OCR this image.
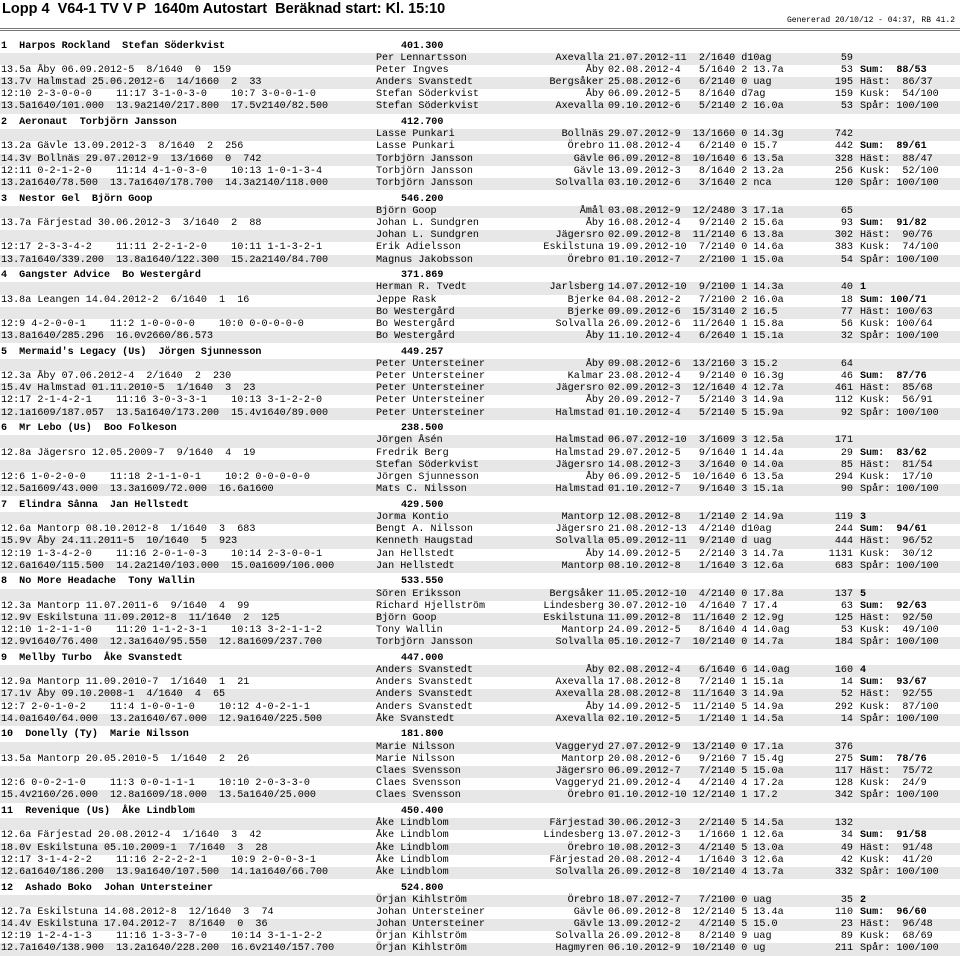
Lopp 4  V64-1 TV V P  1640m Autostart  Beräknad start: Kl. 15:10
Genererad 20/10/12 - 04:37, RB 41.2
1  Harpos Rockland  Stefan Söderkvist	401.300
Per Lennartsson	Axevalla 21.07.2012-11  2/1640 d10ag	59
13.5a Åby 06.09.2012-5  8/1640  0  159	Peter Ingves	Åby 02.08.2012-4   5/1640 2 13.7a	53 Sum:  88/53
13.7v Halmstad 25.06.2012-6  14/1660  2  33	Anders Svanstedt	Bergsåker 25.08.2012-6   6/2140 0 uag	195 Häst:  86/37
12:10 2-3-0-0-0    11:17 3-1-0-3-0    10:7 3-0-0-1-0	Stefan Söderkvist	Åby 06.09.2012-5   8/1640 d7ag	159 Kusk:  54/100
13.5a1640/101.000  13.9a2140/217.800  17.5v2140/82.500	Stefan Söderkvist	Axevalla 09.10.2012-6   5/2140 2 16.0a	53 Spår: 100/100
2  Aeronaut  Torbjörn Jansson	412.700
Lasse Punkari	Bollnäs 29.07.2012-9  13/1660 0 14.3g	742
13.2a Gävle 13.09.2012-3  8/1640  2  256	Lasse Punkari	Örebro 11.08.2012-4   6/2140 0 15.7	442 Sum:  89/61
14.3v Bollnäs 29.07.2012-9  13/1660  0  742	Torbjörn Jansson	Gävle 06.09.2012-8  10/1640 6 13.5a	328 Häst:  88/47
12:11 0-2-1-2-0    11:14 4-1-0-3-0    10:13 1-0-1-3-4	Torbjörn Jansson	Gävle 13.09.2012-3   8/1640 2 13.2a	256 Kusk:  52/100
13.2a1640/78.500  13.7a1640/178.700  14.3a2140/118.000	Torbjörn Jansson	Solvalla 03.10.2012-6   3/1640 2 nca	120 Spår: 100/100
3  Nestor Gel  Björn Goop	546.200
Björn Goop	Åmål 03.08.2012-9  12/2480 3 17.1a	65
13.7a Färjestad 30.06.2012-3  3/1640  2  88	Johan L. Sundgren	Åby 16.08.2012-4   9/2140 2 15.6a	93 Sum:  91/82
Johan L. Sundgren	Jägersro 02.09.2012-8  11/2140 6 13.8a	302 Häst:  90/76
12:17 2-3-3-4-2    11:11 2-2-1-2-0    10:11 1-1-3-2-1	Erik Adielsson	Eskilstuna 19.09.2012-10  7/2140 0 14.6a	383 Kusk:  74/100
13.7a1640/339.200  13.8a1640/122.300  15.2a2140/84.700	Magnus Jakobsson	Örebro 01.10.2012-7   2/2100 1 15.0a	54 Spår: 100/100
4  Gangster Advice  Bo Westergård	371.869
Herman R. Tvedt	Jarlsberg 14.07.2012-10  9/2100 1 14.3a	40 1
13.8a Leangen 14.04.2012-2  6/1640  1  16	Jeppe Rask	Bjerke 04.08.2012-2   7/2100 2 16.0a	18 Sum: 100/71
Bo Westergård	Bjerke 09.09.2012-6  15/3140 2 16.5	77 Häst: 100/63
12:9 4-2-0-0-1    11:2 1-0-0-0-0    10:0 0-0-0-0-0	Bo Westergård	Solvalla 26.09.2012-6  11/2640 1 15.8a	56 Kusk: 100/64
13.8a1640/285.296  16.0v2660/86.573	Bo Westergård	Åby 11.10.2012-4   6/2640 1 15.1a	32 Spår: 100/100
5  Mermaid's Legacy (Us)  Jörgen Sjunnesson	449.257
Peter Untersteiner	Åby 09.08.2012-6  13/2160 3 15.2	64
12.3a Åby 07.06.2012-4  2/1640  2  230	Peter Untersteiner	Kalmar 23.08.2012-4   9/2140 0 16.3g	46 Sum:  87/76
15.4v Halmstad 01.11.2010-5  1/1640  3  23	Peter Untersteiner	Jägersro 02.09.2012-3  12/1640 4 12.7a	461 Häst:  85/68
12:17 2-1-4-2-1    11:16 3-0-3-3-1    10:13 3-1-2-2-0	Peter Untersteiner	Åby 20.09.2012-7   5/2140 3 14.9a	112 Kusk:  56/91
12.1a1609/187.057  13.5a1640/173.200  15.4v1640/89.000	Peter Untersteiner	Halmstad 01.10.2012-4   5/2140 5 15.9a	92 Spår: 100/100
6  Mr Lebo (Us)  Boo Folkeson	238.500
Jörgen Åsén	Halmstad 06.07.2012-10  3/1609 3 12.5a	171
12.8a Jägersro 12.05.2009-7  9/1640  4  19	Fredrik Berg	Halmstad 29.07.2012-5   9/1640 1 14.4a	29 Sum:  83/62
Stefan Söderkvist	Jägersro 14.08.2012-3   3/1640 0 14.0a	85 Häst:  81/54
12:6 1-0-2-0-0    11:18 2-1-1-0-1    10:2 0-0-0-0-0	Jörgen Sjunnesson	Åby 06.09.2012-5  10/1640 6 13.5a	294 Kusk:  17/10
12.5a1609/43.000  13.3a1609/72.000  16.6a1600	Mats C. Nilsson	Halmstad 01.10.2012-7   9/1640 3 15.1a	90 Spår: 100/100
7  Elindra Sånna  Jan Hellstedt	429.500
Jorma Kontio	Mantorp 12.08.2012-8   1/2140 2 14.9a	119 3
12.6a Mantorp 08.10.2012-8  1/1640  3  683	Bengt A. Nilsson	Jägersro 21.08.2012-13  4/2140 d10ag	244 Sum:  94/61
15.9v Åby 24.11.2011-5  10/1640  5  923	Kenneth Haugstad	Solvalla 05.09.2012-11  9/2140 d uag	444 Häst:  96/52
12:19 1-3-4-2-0    11:16 2-0-1-0-3    10:14 2-3-0-0-1	Jan Hellstedt	Åby 14.09.2012-5   2/2140 3 14.7a	1131 Kusk:  30/12
12.6a1640/115.500  14.2a2140/103.000  15.0a1609/106.000	Jan Hellstedt	Mantorp 08.10.2012-8   1/1640 3 12.6a	683 Spår: 100/100
8  No More Headache  Tony Wallin	533.550
Sören Eriksson	Bergsåker 11.05.2012-10  4/2140 0 17.8a	137 5
12.3a Mantorp 11.07.2011-6  9/1640  4  99	Richard Hjellström	Lindesberg 30.07.2012-10  4/1640 7 17.4	63 Sum:  92/63
12.9v Eskilstuna 11.09.2012-8  11/1640  2  125	Björn Goop	Eskilstuna 11.09.2012-8  11/1640 2 12.9g	125 Häst:  92/50
12:10 1-2-1-1-0    11:20 1-1-2-3-1    10:13 3-2-1-1-2	Tony Wallin	Mantorp 24.09.2012-5   8/1640 4 14.0ag	53 Kusk:  49/100
12.9v1640/76.400  12.3a1640/95.550  12.8a1609/237.700	Torbjörn Jansson	Solvalla 05.10.2012-7  10/2140 0 14.7a	184 Spår: 100/100
9  Mellby Turbo  Åke Svanstedt	447.000
Anders Svanstedt	Åby 02.08.2012-4   6/1640 6 14.0ag	160 4
12.9a Mantorp 11.09.2010-7  1/1640  1  21	Anders Svanstedt	Axevalla 17.08.2012-8   7/2140 1 15.1a	14 Sum:  93/67
17.1v Åby 09.10.2008-1  4/1640  4  65	Anders Svanstedt	Axevalla 28.08.2012-8  11/1640 3 14.9a	52 Häst:  92/55
12:7 2-0-1-0-2    11:4 1-0-0-1-0    10:12 4-0-2-1-1	Anders Svanstedt	Åby 14.09.2012-5  11/2140 5 14.9a	292 Kusk:  87/100
14.0a1640/64.000  13.2a1640/67.000  12.9a1640/225.500	Åke Svanstedt	Axevalla 02.10.2012-5   1/2140 1 14.5a	14 Spår: 100/100
10  Donelly (Ty)  Marie Nilsson	181.800
Marie Nilsson	Vaggeryd 27.07.2012-9  13/2140 0 17.1a	376
13.5a Mantorp 20.05.2010-5  1/1640  2  26	Marie Nilsson	Mantorp 20.08.2012-6   9/2160 7 15.4g	275 Sum:  78/76
Claes Svensson	Jägersro 06.09.2012-7   7/2140 5 15.0a	117 Häst:  75/72
12:6 0-0-2-1-0    11:3 0-0-1-1-1    10:10 2-0-3-3-0	Claes Svensson	Vaggeryd 21.09.2012-4   4/2140 4 17.2a	128 Kusk:  24/9
15.4v2160/26.000  12.8a1609/18.000  13.5a1640/25.000	Claes Svensson	Örebro 01.10.2012-10 12/2140 1 17.2	342 Spår: 100/100
11  Revenique (Us)  Åke Lindblom	450.400
Åke Lindblom	Färjestad 30.06.2012-3   2/2140 5 14.5a	132
12.6a Färjestad 20.08.2012-4  1/1640  3  42	Åke Lindblom	Lindesberg 13.07.2012-3   1/1660 1 12.6a	34 Sum:  91/58
18.0v Eskilstuna 05.10.2009-1  7/1640  3  28	Åke Lindblom	Örebro 10.08.2012-3   4/2140 5 13.0a	49 Häst:  91/48
12:17 3-1-4-2-2    11:16 2-2-2-2-1    10:9 2-0-0-3-1	Åke Lindblom	Färjestad 20.08.2012-4   1/1640 3 12.6a	42 Kusk:  41/20
12.6a1640/186.200  13.9a1640/107.500  14.1a1640/66.700	Åke Lindblom	Solvalla 26.09.2012-8  10/2140 4 13.7a	332 Spår: 100/100
12  Ashado Boko  Johan Untersteiner	524.800
Örjan Kihlström	Örebro 18.07.2012-7   7/2100 0 uag	35 2
12.7a Eskilstuna 14.08.2012-8  12/1640  3  74	Johan Untersteiner	Gävle 06.09.2012-8  12/2140 5 13.4a	110 Sum:  96/60
14.4v Eskilstuna 17.04.2012-7  8/1640  0  36	Johan Untersteiner	Gävle 13.09.2012-2   4/2140 5 15.0	23 Häst:  96/48
12:19 1-2-4-1-3    11:16 1-3-3-7-0    10:14 3-1-1-2-2	Örjan Kihlström	Solvalla 26.09.2012-8   8/2140 9 uag	89 Kusk:  68/69
12.7a1640/138.900  13.2a1640/228.200  16.6v2140/157.700	Örjan Kihlström	Hagmyren 06.10.2012-9  10/2140 0 ug	211 Spår: 100/100
